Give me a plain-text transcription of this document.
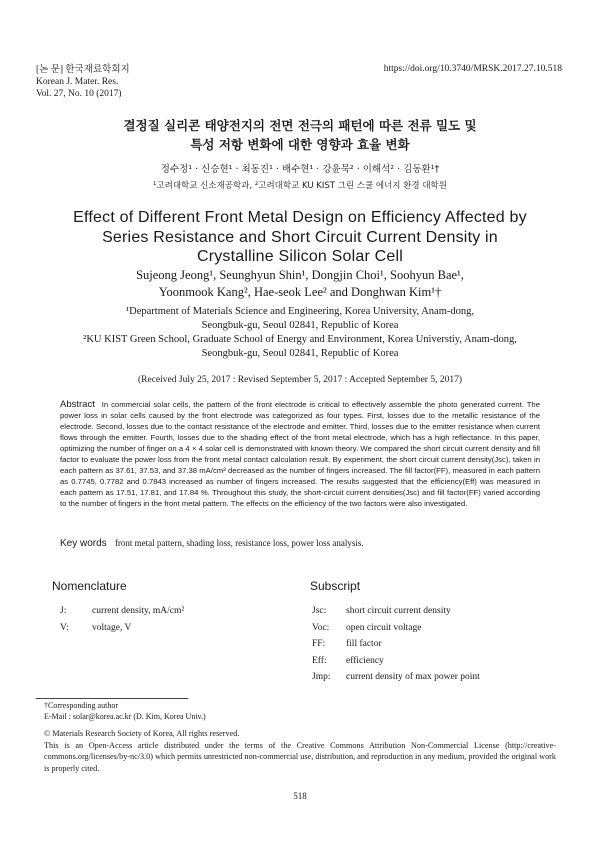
[논 문] 한국재료학회지
Korean J. Mater. Res.
Vol. 27, No. 10 (2017)
https://doi.org/10.3740/MRSK.2017.27.10.518
결정질 실리콘 태양전지의 전면 전극의 패턴에 따른 전류 밀도 및
특성 저항 변화에 대한 영향과 효율 변화
정수정¹ · 신승현¹ · 최동진¹ · 배수현¹ · 강윤묵² · 이해석² · 김동환¹†
¹고려대학교 신소재공학과, ²고려대학교 KU KIST 그린 스쿨 에너지 환경 대학원
Effect of Different Front Metal Design on Efficiency Affected by
Series Resistance and Short Circuit Current Density in
Crystalline Silicon Solar Cell
Sujeong Jeong¹, Seunghyun Shin¹, Dongjin Choi¹, Soohyun Bae¹,
Yoonmook Kang², Hae-seok Lee² and Donghwan Kim¹†
¹Department of Materials Science and Engineering, Korea University, Anam-dong,
Seongbuk-gu, Seoul 02841, Republic of Korea
²KU KIST Green School, Graduate School of Energy and Environment, Korea Universtiy, Anam-dong,
Seongbuk-gu, Seoul 02841, Republic of Korea
(Received July 25, 2017 : Revised September 5, 2017 : Accepted September 5, 2017)
Abstract In commercial solar cells, the pattern of the front electrode is critical to effectively assemble the photo generated current. The power loss in solar cells caused by the front electrode was categorized as four types. First, losses due to the metallic resistance of the electrode. Second, losses due to the contact resistance of the electrode and emitter. Third, losses due to the emitter resistance when current flows through the emitter. Fourth, losses due to the shading effect of the front metal electrode, which has a high reflectance. In this paper, optimizing the number of finger on a 4 × 4 solar cell is demonstrated with known theory. We compared the short circuit current density and fill factor to evaluate the power loss from the front metal contact calculation result. By experiment, the short circuit current density(Jsc), taken in each pattern as 37.61, 37.53, and 37.38 mA/cm² decreased as the number of fingers increased. The fill factor(FF), measured in each pattern as 0.7745, 0.7782 and 0.7843 increased as number of fingers increased. The results suggested that the efficiency(Eff) was measured in each pattern as 17.51, 17.81, and 17.84 %. Throughout this study, the short-circuit current densities(Jsc) and fill factor(FF) varied according to the number of fingers in the front metal pattern. The effects on the efficiency of the two factors were also investigated.
Key words front metal pattern, shading loss, resistance loss, power loss analysis.
Nomenclature	Subscript
J:	current density, mA/cm²
V:	voltage, V
Jsc:	short circuit current density
Voc:	open circuit voltage
FF:	fill factor
Eff:	efficiency
Jmp:	current density of max power point
†Corresponding author
E-Mail : solar@korea.ac.kr (D. Kim, Korea Univ.)
© Materials Research Society of Korea, All rights reserved.
This is an Open-Access article distributed under the terms of the Creative Commons Attribution Non-Commercial License (http://creative-commons.org/licenses/by-nc/3.0) which permits unrestricted non-commercial use, distribution, and reproduction in any medium, provided the original work is properly cited.
518
